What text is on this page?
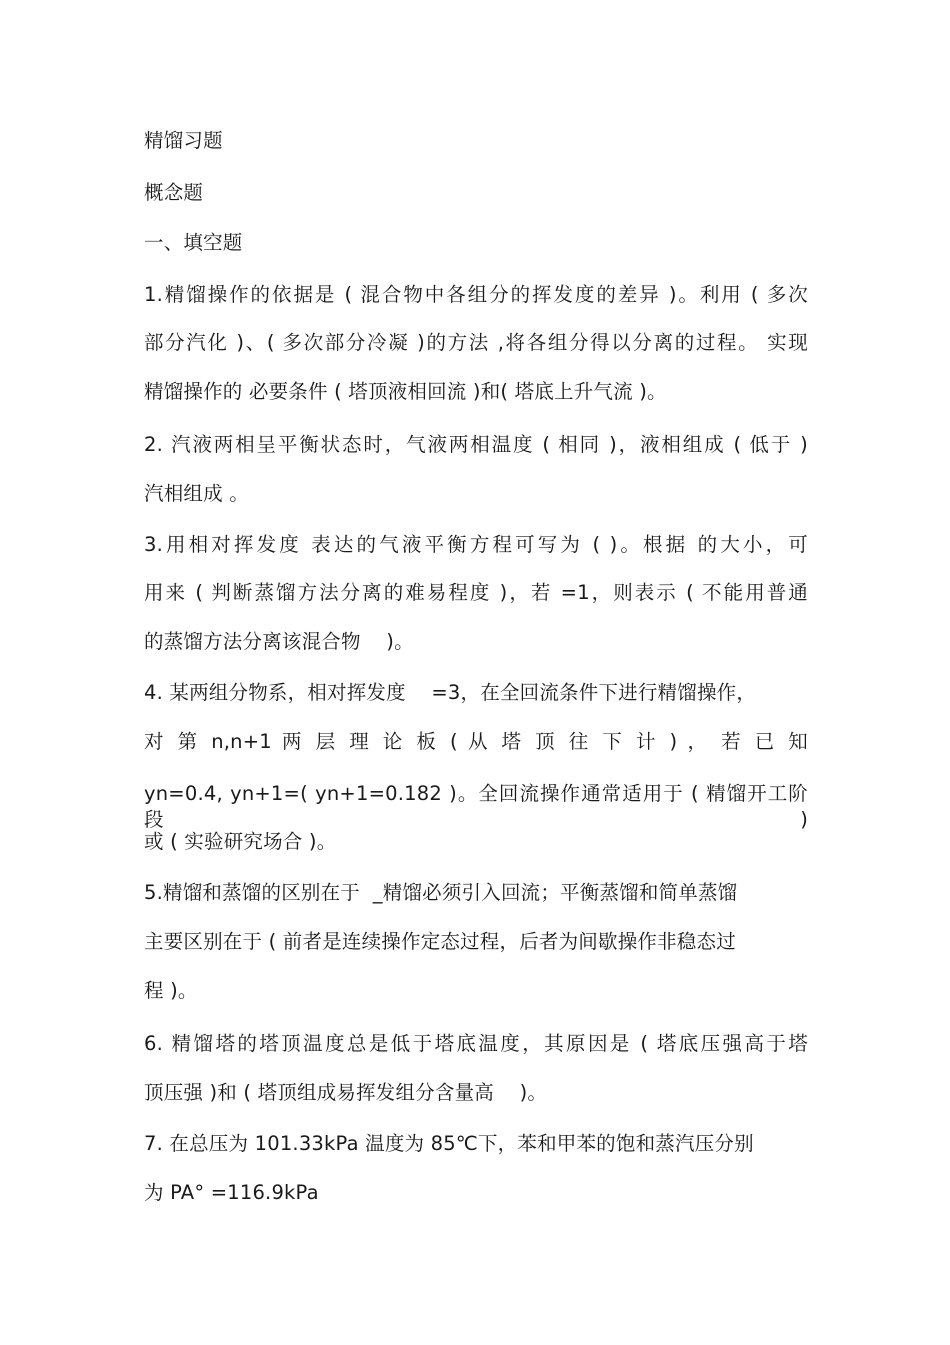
精馏习题
概念题
一、填空题
1.精馏操作的依据是 ( 混合物中各组分的挥发度的差异 )。利用 ( 多次
部分汽化 )、( 多次部分冷凝 )的方法 ,将各组分得以分离的过程。 实现
精馏操作的 必要条件 ( 塔顶液相回流 )和( 塔底上升气流 )。
2. 汽液两相呈平衡状态时，气液两相温度 ( 相同 )，液相组成 ( 低于 )
汽相组成 。
3.用相对挥发度 表达的气液平衡方程可写为 ( )。根据 的大小，可
用来 ( 判断蒸馏方法分离的难易程度 )，若 =1，则表示 ( 不能用普通
的蒸馏方法分离该混合物    )。
4. 某两组分物系，相对挥发度    =3，在全回流条件下进行精馏操作，
对 第 n,n+1 两 层 理 论 板 ( 从 塔 顶 往 下 计 ) ， 若 已 知
yn=0.4, yn+1=( yn+1=0.182 )。全回流操作通常适用于 ( 精馏开工阶段 )
或 ( 实验研究场合 )。
5.精馏和蒸馏的区别在于  _精馏必须引入回流；平衡蒸馏和简单蒸馏
主要区别在于 ( 前者是连续操作定态过程，后者为间歇操作非稳态过
程 )。
6. 精馏塔的塔顶温度总是低于塔底温度，其原因是 ( 塔底压强高于塔
顶压强 )和 ( 塔顶组成易挥发组分含量高    )。
7. 在总压为 101.33kPa 温度为 85℃下，苯和甲苯的饱和蒸汽压分别
为 PA° =116.9kPa
